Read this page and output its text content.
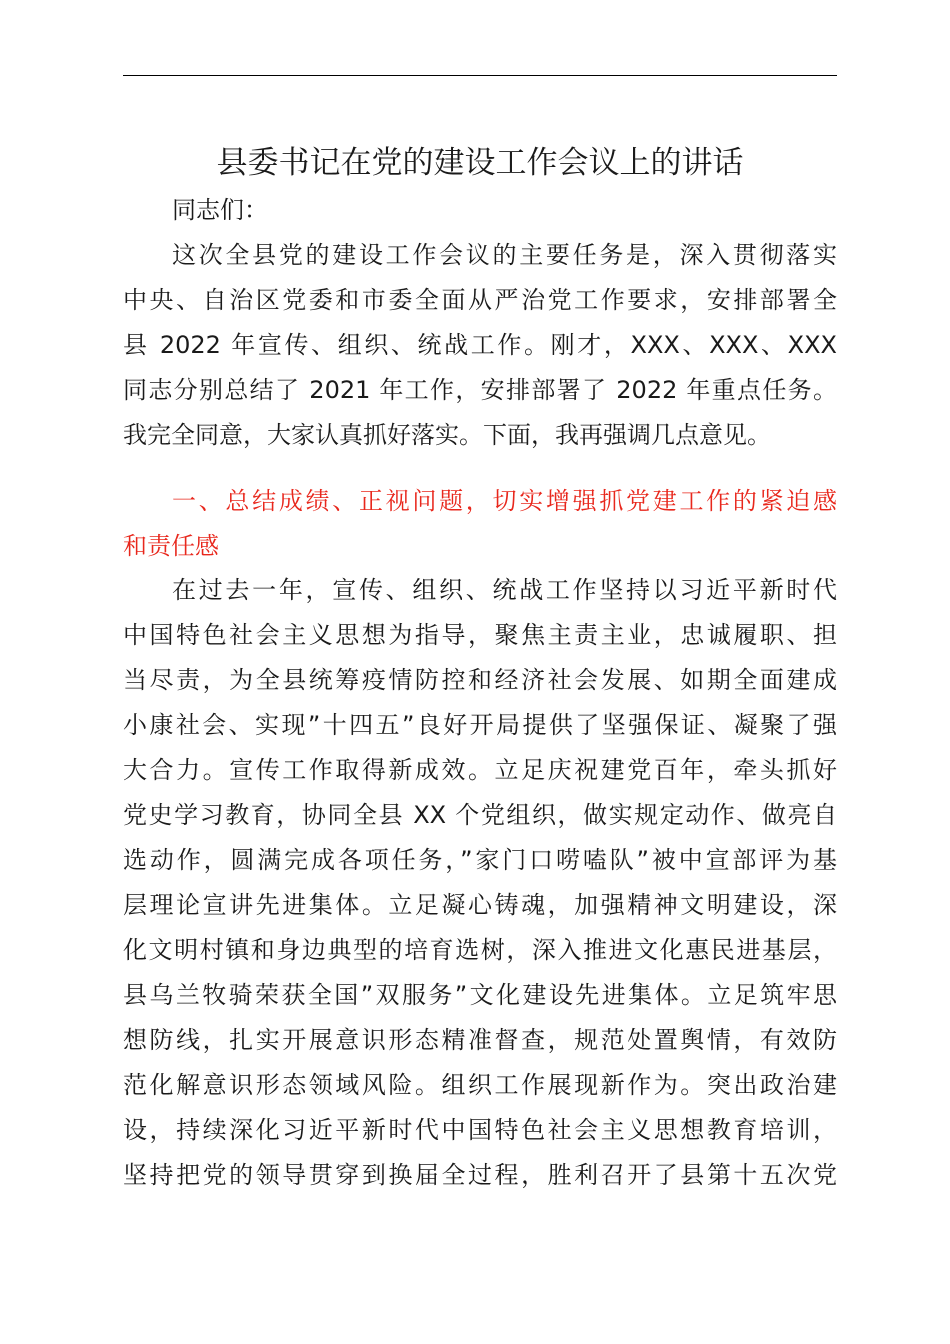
县委书记在党的建设工作会议上的讲话
同志们：
这次全县党的建设工作会议的主要任务是，深入贯彻落实
中央、自治区党委和市委全面从严治党工作要求，安排部署全
县 2022 年宣传、组织、统战工作。刚才，XXX、XXX、XXX
同志分别总结了 2021 年工作，安排部署了 2022 年重点任务。
我完全同意，大家认真抓好落实。下面，我再强调几点意见。
一、总结成绩、正视问题，切实增强抓党建工作的紧迫感
和责任感
在过去一年，宣传、组织、统战工作坚持以习近平新时代
中国特色社会主义思想为指导，聚焦主责主业，忠诚履职、担
当尽责，为全县统筹疫情防控和经济社会发展、如期全面建成
小康社会、实现”十四五”良好开局提供了坚强保证、凝聚了强
大合力。宣传工作取得新成效。立足庆祝建党百年，牵头抓好
党史学习教育，协同全县 XX 个党组织，做实规定动作、做亮自
选动作，圆满完成各项任务，”家门口唠嗑队”被中宣部评为基
层理论宣讲先进集体。立足凝心铸魂，加强精神文明建设，深
化文明村镇和身边典型的培育选树，深入推进文化惠民进基层，
县乌兰牧骑荣获全国”双服务”文化建设先进集体。立足筑牢思
想防线，扎实开展意识形态精准督查，规范处置舆情，有效防
范化解意识形态领域风险。组织工作展现新作为。突出政治建
设，持续深化习近平新时代中国特色社会主义思想教育培训，
坚持把党的领导贯穿到换届全过程，胜利召开了县第十五次党
